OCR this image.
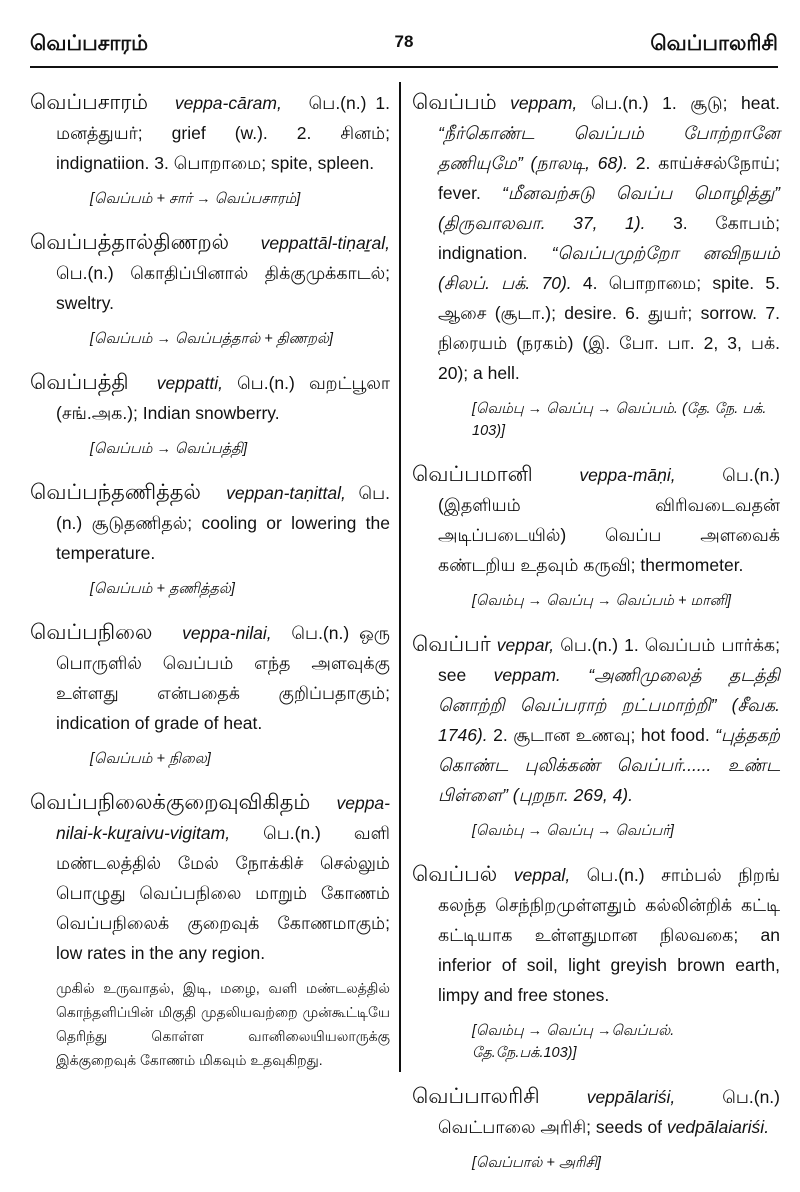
வெப்பசாரம்	78	வெப்பாலரிசி
வெப்பசாரம் veppa-cāram, பெ.(n.) 1. மனத்துயர்; grief (w.). 2. சினம்; indignatiion. 3. பொறாமை; spite, spleen.
[வெப்பம் + சார் → வெப்பசாரம்]
வெப்பத்தால்திணறல் veppattāl-tiṇaṟal, பெ.(n.) கொதிப்பினால் திக்குமுக்காடல்; sweltry.
[வெப்பம் → வெப்பத்தால் + திணறல்]
வெப்பத்தி veppatti, பெ.(n.) வறட்பூலா (சங்.அக.); Indian snowberry.
[வெப்பம் → வெப்பத்தி]
வெப்பந்தணித்தல் veppan-taṇittal, பெ.(n.) சூடுதணிதல்; cooling or lowering the temperature.
[வெப்பம் + தணித்தல்]
வெப்பநிலை veppa-nilai, பெ.(n.) ஒரு பொருளில் வெப்பம் எந்த அளவுக்கு உள்ளது என்பதைக் குறிப்பதாகும்; indication of grade of heat.
[வெப்பம் + நிலை]
வெப்பநிலைக்குறைவுவிகிதம் veppa-nilai-k-kuṟaivu-vigitam, பெ.(n.) வளி மண்டலத்தில் மேல் நோக்கிச் செல்லும் பொழுது வெப்பநிலை மாறும் கோணம் வெப்பநிலைக் குறைவுக் கோணமாகும்; low rates in the any region.
முகில் உருவாதல், இடி, மழை, வளி மண்டலத்தில் கொந்தளிப்பின் மிகுதி முதலியவற்றை முன்கூட்டியே தெரிந்து கொள்ள வானிலையியலாருக்கு இக்குறைவுக் கோணம் மிகவும் உதவுகிறது.
வெப்பம் veppam, பெ.(n.) 1. சூடு; heat. “நீர்கொண்ட வெப்பம் போற்றானே தணியுமே” (நாலடி, 68). 2. காய்ச்சல்நோய்; fever. “மீனவற்சுடு வெப்ப மொழித்து” (திருவாலவா. 37, 1). 3. கோபம்; indignation. “வெப்பமுற்றோ னவிநயம் (சிலப். பக். 70). 4. பொறாமை; spite. 5. ஆசை (சூடா.); desire. 6. துயர்; sorrow. 7. நிரையம் (நரகம்) (இ. போ. பா. 2, 3, பக். 20); a hell.
[வெம்பு → வெப்பு → வெப்பம். (தே. நே. பக். 103)]
வெப்பமானி	veppa-māṇi,	பெ.(n.) (இதளியம் விரிவடைவதன் அடிப்படையில்) வெப்ப அளவைக் கண்டறிய உதவும் கருவி; thermometer.
[வெம்பு → வெப்பு → வெப்பம் + மானி]
வெப்பர் veppar, பெ.(n.) 1. வெப்பம் பார்க்க; see veppam. “அணிமுலைத் தடத்தி னொற்றி வெப்பராற் றட்பமாற்றி” (சீவக. 1746). 2. சூடான உணவு; hot food. “புத்தகற் கொண்ட புலிக்கண் வெப்பர்...... உண்ட பிள்ளை” (புறநா. 269, 4).
[வெம்பு → வெப்பு → வெப்பர்]
வெப்பல் veppal, பெ.(n.) சாம்பல் நிறங் கலந்த செந்நிறமுள்ளதும் கல்லின்றிக் கட்டி கட்டியாக உள்ளதுமான நிலவகை; an inferior of soil, light greyish brown earth, limpy and free stones.
[வெம்பு → வெப்பு →வெப்பல். தே.நே.பக்.103)]
வெப்பாலரிசி	veppālariśi,	பெ.(n.) வெட்பாலை அரிசி; seeds of vedpālaiariśi.
[வெப்பால் + அரிசி]
